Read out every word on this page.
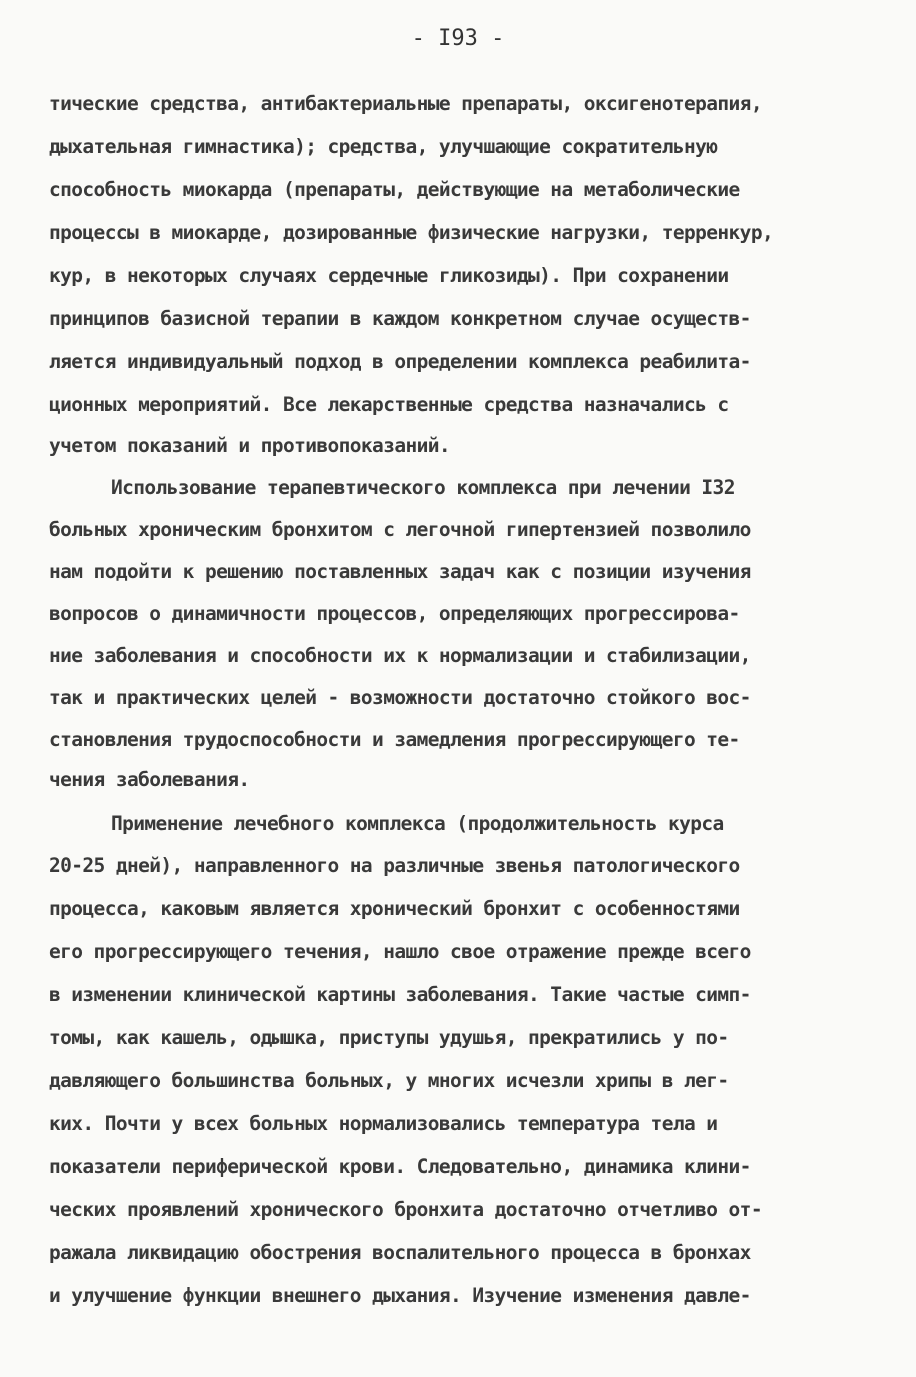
- I93 -
тические средства, антибактериальные препараты, оксигенотерапия,
дыхательная гимнастика); средства, улучшающие сократительную
способность миокарда (препараты, действующие на метаболические
процессы в миокарде, дозированные физические нагрузки, терренкур,
кур, в некоторых случаях сердечные гликозиды). При сохранении
принципов базисной терапии в каждом конкретном случае осуществ-
ляется индивидуальный подход в определении комплекса реабилита-
ционных мероприятий. Все лекарственные средства назначались с
учетом показаний и противопоказаний.
Использование терапевтического комплекса при лечении I32
больных хроническим бронхитом с легочной гипертензией позволило
нам подойти к решению поставленных задач как с позиции изучения
вопросов о динамичности процессов, определяющих прогрессирова-
ние заболевания и способности их к нормализации и стабилизации,
так и практических целей - возможности достаточно стойкого вос-
становления трудоспособности и замедления прогрессирующего те-
чения заболевания.
Применение лечебного комплекса (продолжительность курса
20-25 дней), направленного на различные звенья патологического
процесса, каковым является хронический бронхит с особенностями
его прогрессирующего течения, нашло свое отражение прежде всего
в изменении клинической картины заболевания. Такие частые симп-
томы, как кашель, одышка, приступы удушья, прекратились у по-
давляющего большинства больных, у многих исчезли хрипы в лег-
ких. Почти у всех больных нормализовались температура тела и
показатели периферической крови. Следовательно, динамика клини-
ческих проявлений хронического бронхита достаточно отчетливо от-
ражала ликвидацию обострения воспалительного процесса в бронхах
и улучшение функции внешнего дыхания. Изучение изменения давле-
